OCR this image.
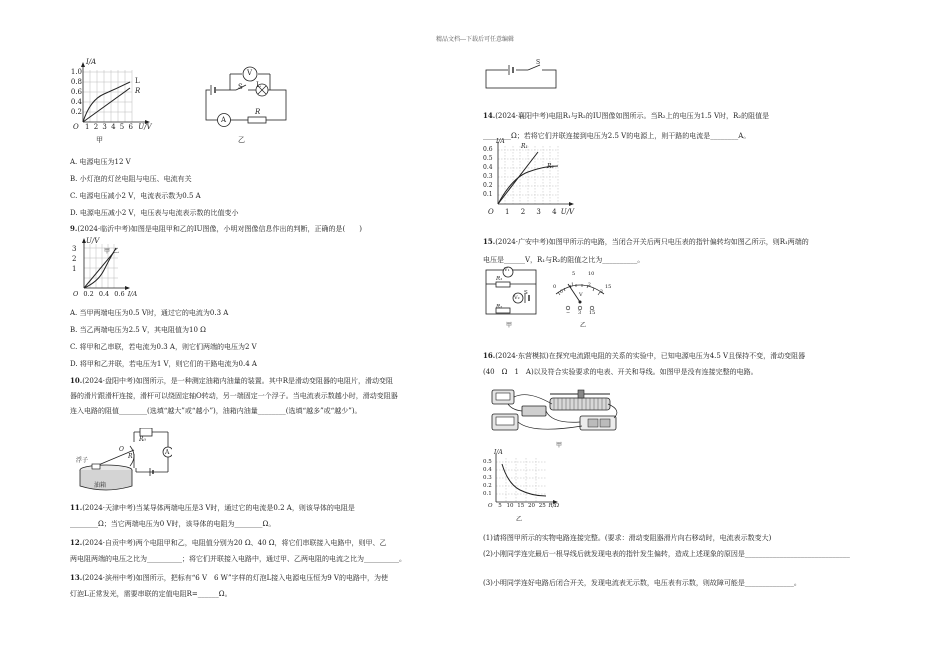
精品文档---下载后可任意编辑
I/A
1.0
0.8
0.6
0.4
0.2
O 1 2 3 4 5 6 U/V
L
R
甲
V
S L
A
R
乙
A. 电源电压为12 V
B. 小灯泡的灯丝电阻与电压、电流有关
C. 电源电压减小2 V，电流表示数为0.5 A
D. 电源电压减小2 V，电压表与电流表示数的比值变小
9.(2024·临沂中考)如图是电阻甲和乙的IU图像，小明对图像信息作出的判断，正确的是(　　)
U/V
3
2
1
O 0.2 0.4 0.6 I/A
乙
甲
A. 当甲两端电压为0.5 V时，通过它的电流为0.3 A
B. 当乙两端电压为2.5 V，其电阻值为10 Ω
C. 将甲和乙串联，若电流为0.3 A，则它们两端的电压为2 V
D. 将甲和乙并联，若电压为1 V，则它们的干路电流为0.4 A
10.(2024·盘阳中考)如图所示，是一种测定油箱内油量的装置。其中R是滑动变阻器的电阻片，滑动变阻
器的滑片跟滑杆连接，滑杆可以绕固定轴O转动，另一端固定一个浮子。当电流表示数越小时，滑动变阻器
连入电路的阻值________(选填“越大”或“越小”)，油箱内油量________(选填“越多”或“越少”)。
R₀
浮子
O
R
A
油箱
11.(2024·天津中考)当某导体两端电压是3 V时，通过它的电流是0.2 A，则该导体的电阻是
________Ω；当它两端电压为0 V时，该导体的电阻为________Ω。
12.(2024·自贡中考)两个电阻甲和乙，电阻值分别为20 Ω、40 Ω，将它们串联接入电路中，则甲、乙
两电阻两端的电压之比为__________；将它们并联接入电路中，通过甲、乙两电阻的电流之比为__________。
13.(2024·滨州中考)如图所示，把标有“6 V　6 W”字样的灯泡L接入电源电压恒为9 V的电路中，为使
灯泡L正常发光，需要串联的定值电阻R=______Ω。
S
14.(2024·襄阳中考)电阻R₁与R₂的IU图像如图所示。当R₂上的电压为1.5 V时，R₂的阻值是
________Ω；若将它们并联连接到电压为2.5 V的电源上，则干路的电流是________A。
I/A
0.6
0.5
0.4
0.3
0.2
0.1
O 1 2 3 4 U/V
R₁
R₂
15.(2024·广安中考)如图甲所示的电路，当闭合开关后两只电压表的指针偏转均如图乙所示，则R₁两端的
电压是______V，R₁与R₂的阻值之比为__________。
V₁
R₁
V₂
R₂
S
甲
5	10
0	15
0
1	2
3
V
− 3 15
乙
16.(2024·东营模拟)在探究电流跟电阻的关系的实验中，已知电源电压为4.5 V且保持不变，滑动变阻器
(40　Ω　1　A)以及符合实验要求的电表、开关和导线。如图甲是没有连接完整的电路。
甲
I/A
0.5
0.4
0.3
0.2
0.1
O 5 10 15 20 25 R/Ω
乙
(1)请将图甲所示的实物电路连接完整。(要求：滑动变阻器滑片向右移动时，电流表示数变大)
(2)小刚同学连完最后一根导线后就发现电表的指针发生偏转，造成上述现象的原因是______________________________
(3)小明同学连好电路后闭合开关，发现电流表无示数，电压表有示数，则故障可能是______________。
